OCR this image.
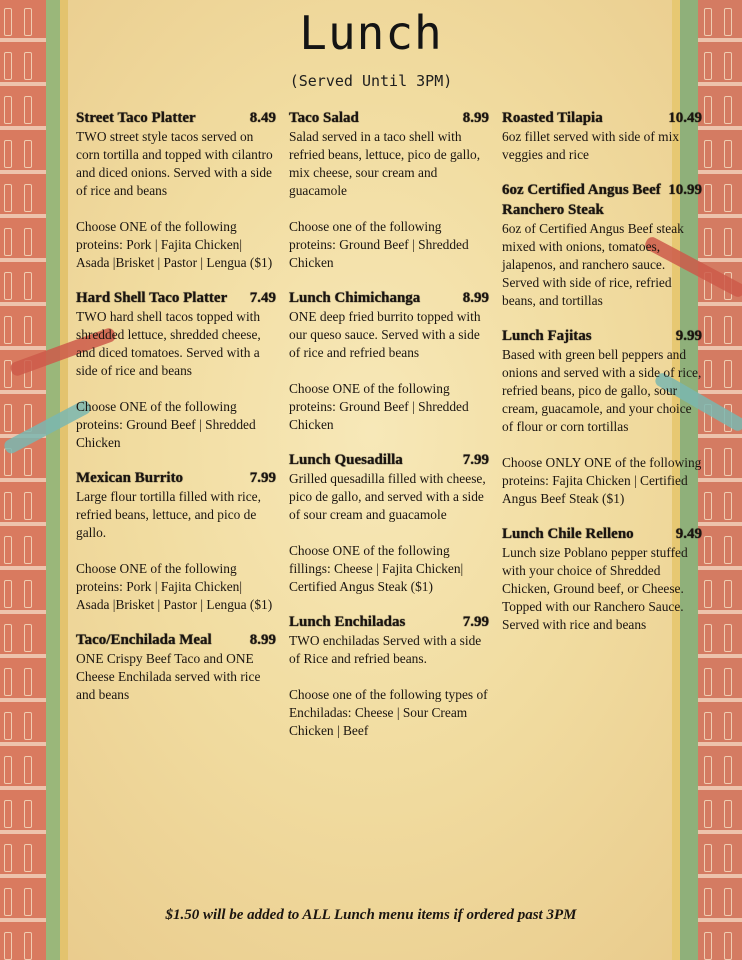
Lunch
(Served Until 3PM)
Street Taco Platter	8.49

TWO street style tacos served on corn tortilla and topped with cilantro and diced onions. Served with a side of rice and beans

Choose ONE of the following proteins: Pork | Fajita Chicken| Asada |Brisket | Pastor | Lengua ($1)

Hard Shell Taco Platter	7.49

TWO hard shell tacos topped with shredded lettuce, shredded cheese, and diced tomatoes. Served with a side of rice and beans

Choose ONE of the following proteins: Ground Beef | Shredded Chicken

Mexican Burrito	7.99

Large flour tortilla filled with rice, refried beans, lettuce, and pico de gallo.

Choose ONE of the following proteins: Pork | Fajita Chicken| Asada |Brisket | Pastor | Lengua ($1)

Taco/Enchilada Meal	8.99

ONE Crispy Beef Taco and ONE Cheese Enchilada served with rice and beans

Taco Salad	8.99

Salad served in a taco shell with refried beans, lettuce, pico de gallo, mix cheese, sour cream and guacamole

Choose one of the following proteins: Ground Beef | Shredded Chicken

Lunch Chimichanga	8.99

ONE deep fried burrito topped with our queso sauce. Served with a side of rice and refried beans

Choose ONE of the following proteins: Ground Beef | Shredded Chicken

Lunch Quesadilla	7.99

Grilled quesadilla filled with cheese, pico de gallo, and served with a side of sour cream and guacamole

Choose ONE of the following fillings: Cheese | Fajita Chicken| Certified Angus Steak ($1)

Lunch Enchiladas	7.99

TWO enchiladas Served with a side of Rice and refried beans.

Choose one of the following types of Enchiladas: Cheese | Sour Cream Chicken | Beef

Roasted Tilapia	10.49

6oz fillet served with side of mix veggies and rice

6oz Certified Angus Beef Ranchero Steak
10.99

6oz of Certified Angus Beef steak mixed with onions, tomatoes, jalapenos, and ranchero sauce. Served with side of rice, refried beans, and tortillas

Lunch Fajitas	9.99

Based with green bell peppers and onions and served with a side of rice, refried beans, pico de gallo, sour cream, guacamole, and your choice of flour or corn tortillas

Choose ONLY ONE of the following proteins: Fajita Chicken | Certified Angus Beef Steak ($1)

Lunch Chile Relleno	9.49

Lunch size Poblano pepper stuffed with your choice of Shredded Chicken, Ground beef, or Cheese. Topped with our Ranchero Sauce. Served with rice and beans

$1.50 will be added to ALL Lunch menu items if ordered past 3PM
